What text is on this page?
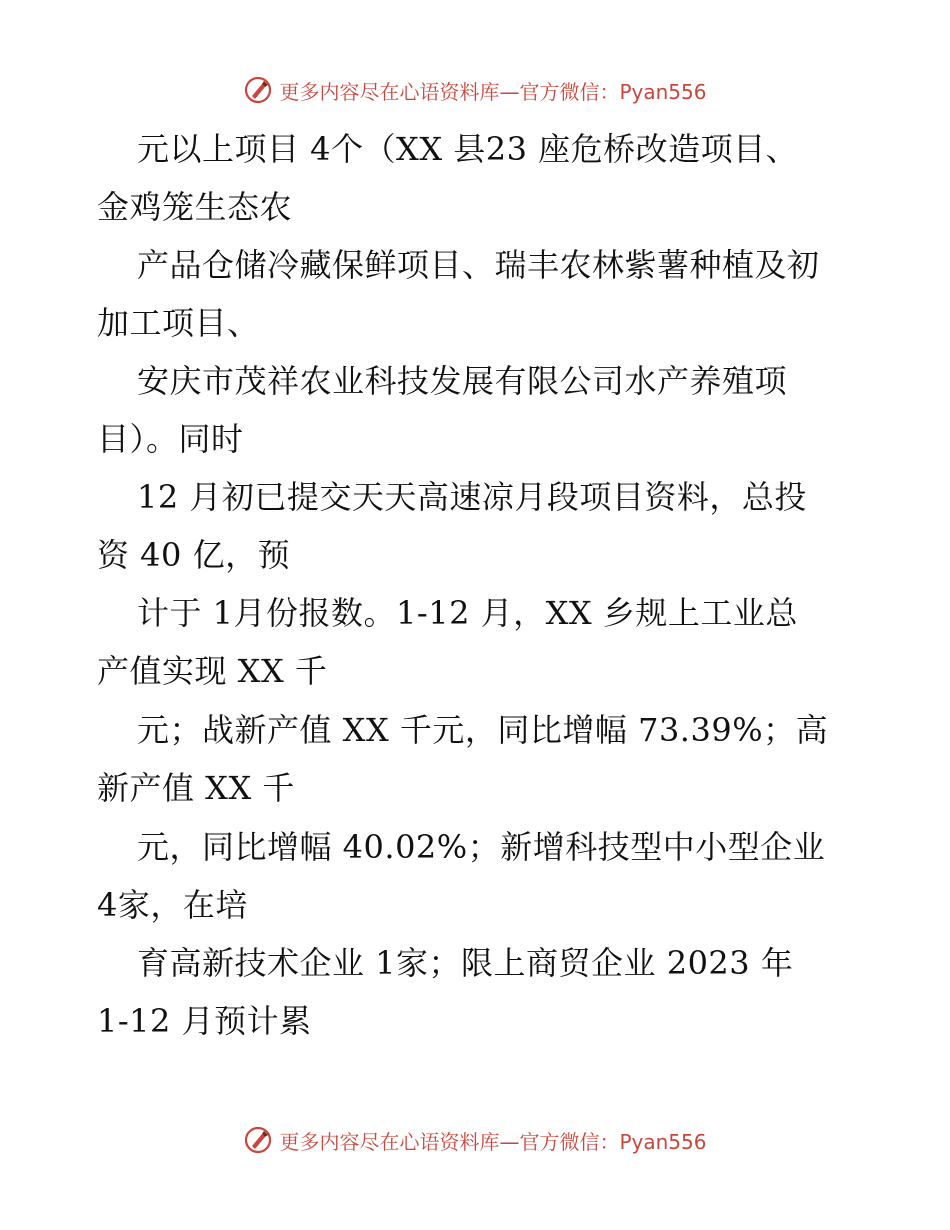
更多内容尽在心语资料库—官方微信：Pyan556
元以上项目 4个（XX 县23 座危桥改造项目、
金鸡笼生态农
产品仓储冷藏保鲜项目、瑞丰农林紫薯种植及初
加工项目、
安庆市茂祥农业科技发展有限公司水产养殖项
目）。同时
12 月初已提交天天高速凉月段项目资料，总投
资 40 亿，预
计于 1月份报数。1-12 月，XX 乡规上工业总
产值实现 XX 千
元；战新产值 XX 千元，同比增幅 73.39%；高
新产值 XX 千
元，同比增幅 40.02%；新增科技型中小型企业
4家，在培
育高新技术企业 1家；限上商贸企业 2023 年
1-12 月预计累
更多内容尽在心语资料库—官方微信：Pyan556
